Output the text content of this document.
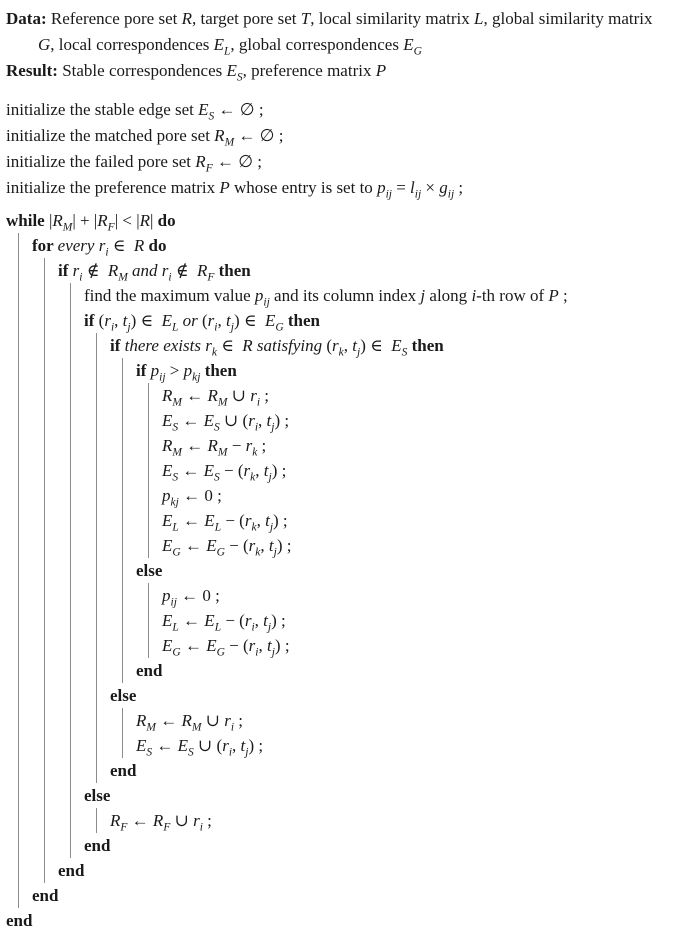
Data: Reference pore set R, target pore set T, local similarity matrix L, global similarity matrix
G, local correspondences $E_L$, global correspondences $E_G$
Result: Stable correspondences $E_S$, preference matrix P
initialize the stable edge set $E_S$ ← ∅ ;
initialize the matched pore set $R_M$ ← ∅ ;
initialize the failed pore set $R_F$ ← ∅ ;
initialize the preference matrix P whose entry is set to $p_{ij} = l_{ij} \times g_{ij}$ ;
while $|R_M| + |R_F| < |R|$ do
for every $r_i$ ∈  R do
if $r_i$ ∉  $R_M$ and $r_i$ ∉  $R_F$ then
find the maximum value $p_{ij}$ and its column index j along i-th row of P ;
if ($r_i$, $t_j$) ∈  $E_L$ or ($r_i$, $t_j$) ∈  $E_G$ then
if there exists $r_k$ ∈  R satisfying ($r_k$, $t_j$) ∈  $E_S$ then
if $p_{ij} > p_{kj}$ then
$R_M$ ← $R_M$ ∪ $r_i$ ;
$E_S$ ← $E_S$ ∪ ($r_i$, $t_j$) ;
$R_M$ ← $R_M - r_k$ ;
$E_S$ ← $E_S - (r_k$, $t_j$) ;
$p_{kj}$ ← 0 ;
$E_L$ ← $E_L - (r_k$, $t_j$) ;
$E_G$ ← $E_G - (r_k$, $t_j$) ;
else
$p_{ij}$ ← 0 ;
$E_L$ ← $E_L - (r_i$, $t_j$) ;
$E_G$ ← $E_G - (r_i$, $t_j$) ;
end
else
$R_M$ ← $R_M$ ∪ $r_i$ ;
$E_S$ ← $E_S$ ∪ ($r_i$, $t_j$) ;
end
else
$R_F$ ← $R_F$ ∪ $r_i$ ;
end
end
end
end
